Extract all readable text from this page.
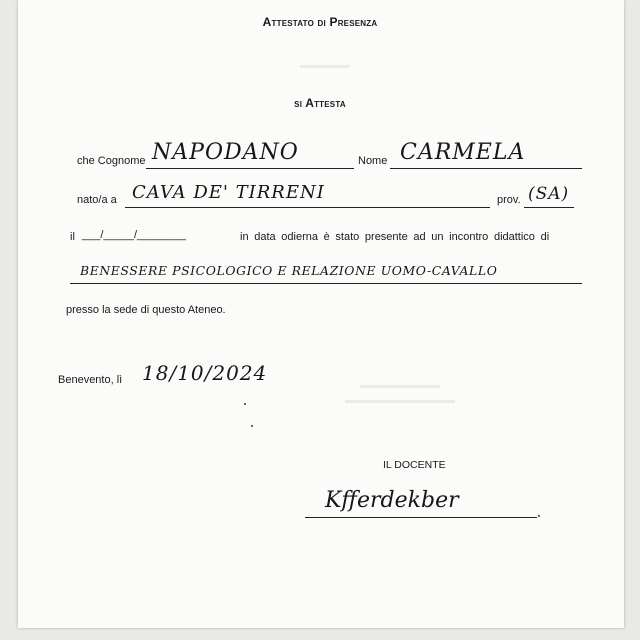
▬▬▬▬▬
▬▬▬▬▬▬▬▬
▬▬▬▬▬▬▬▬▬▬▬
Attestato di Presenza
si Attesta
che Cognome NAPODANO	Nome CARMELA
nato/a a CAVA DE' TIRRENI	prov. (SA)
il ___/_____/________	in data odierna è stato presente ad un incontro didattico di
BENESSERE PSICOLOGICO E RELAZIONE UOMO-CAVALLO
presso la sede di questo Ateneo.
Benevento, lì 18/10/2024
IL DOCENTE
Kfferdekber
